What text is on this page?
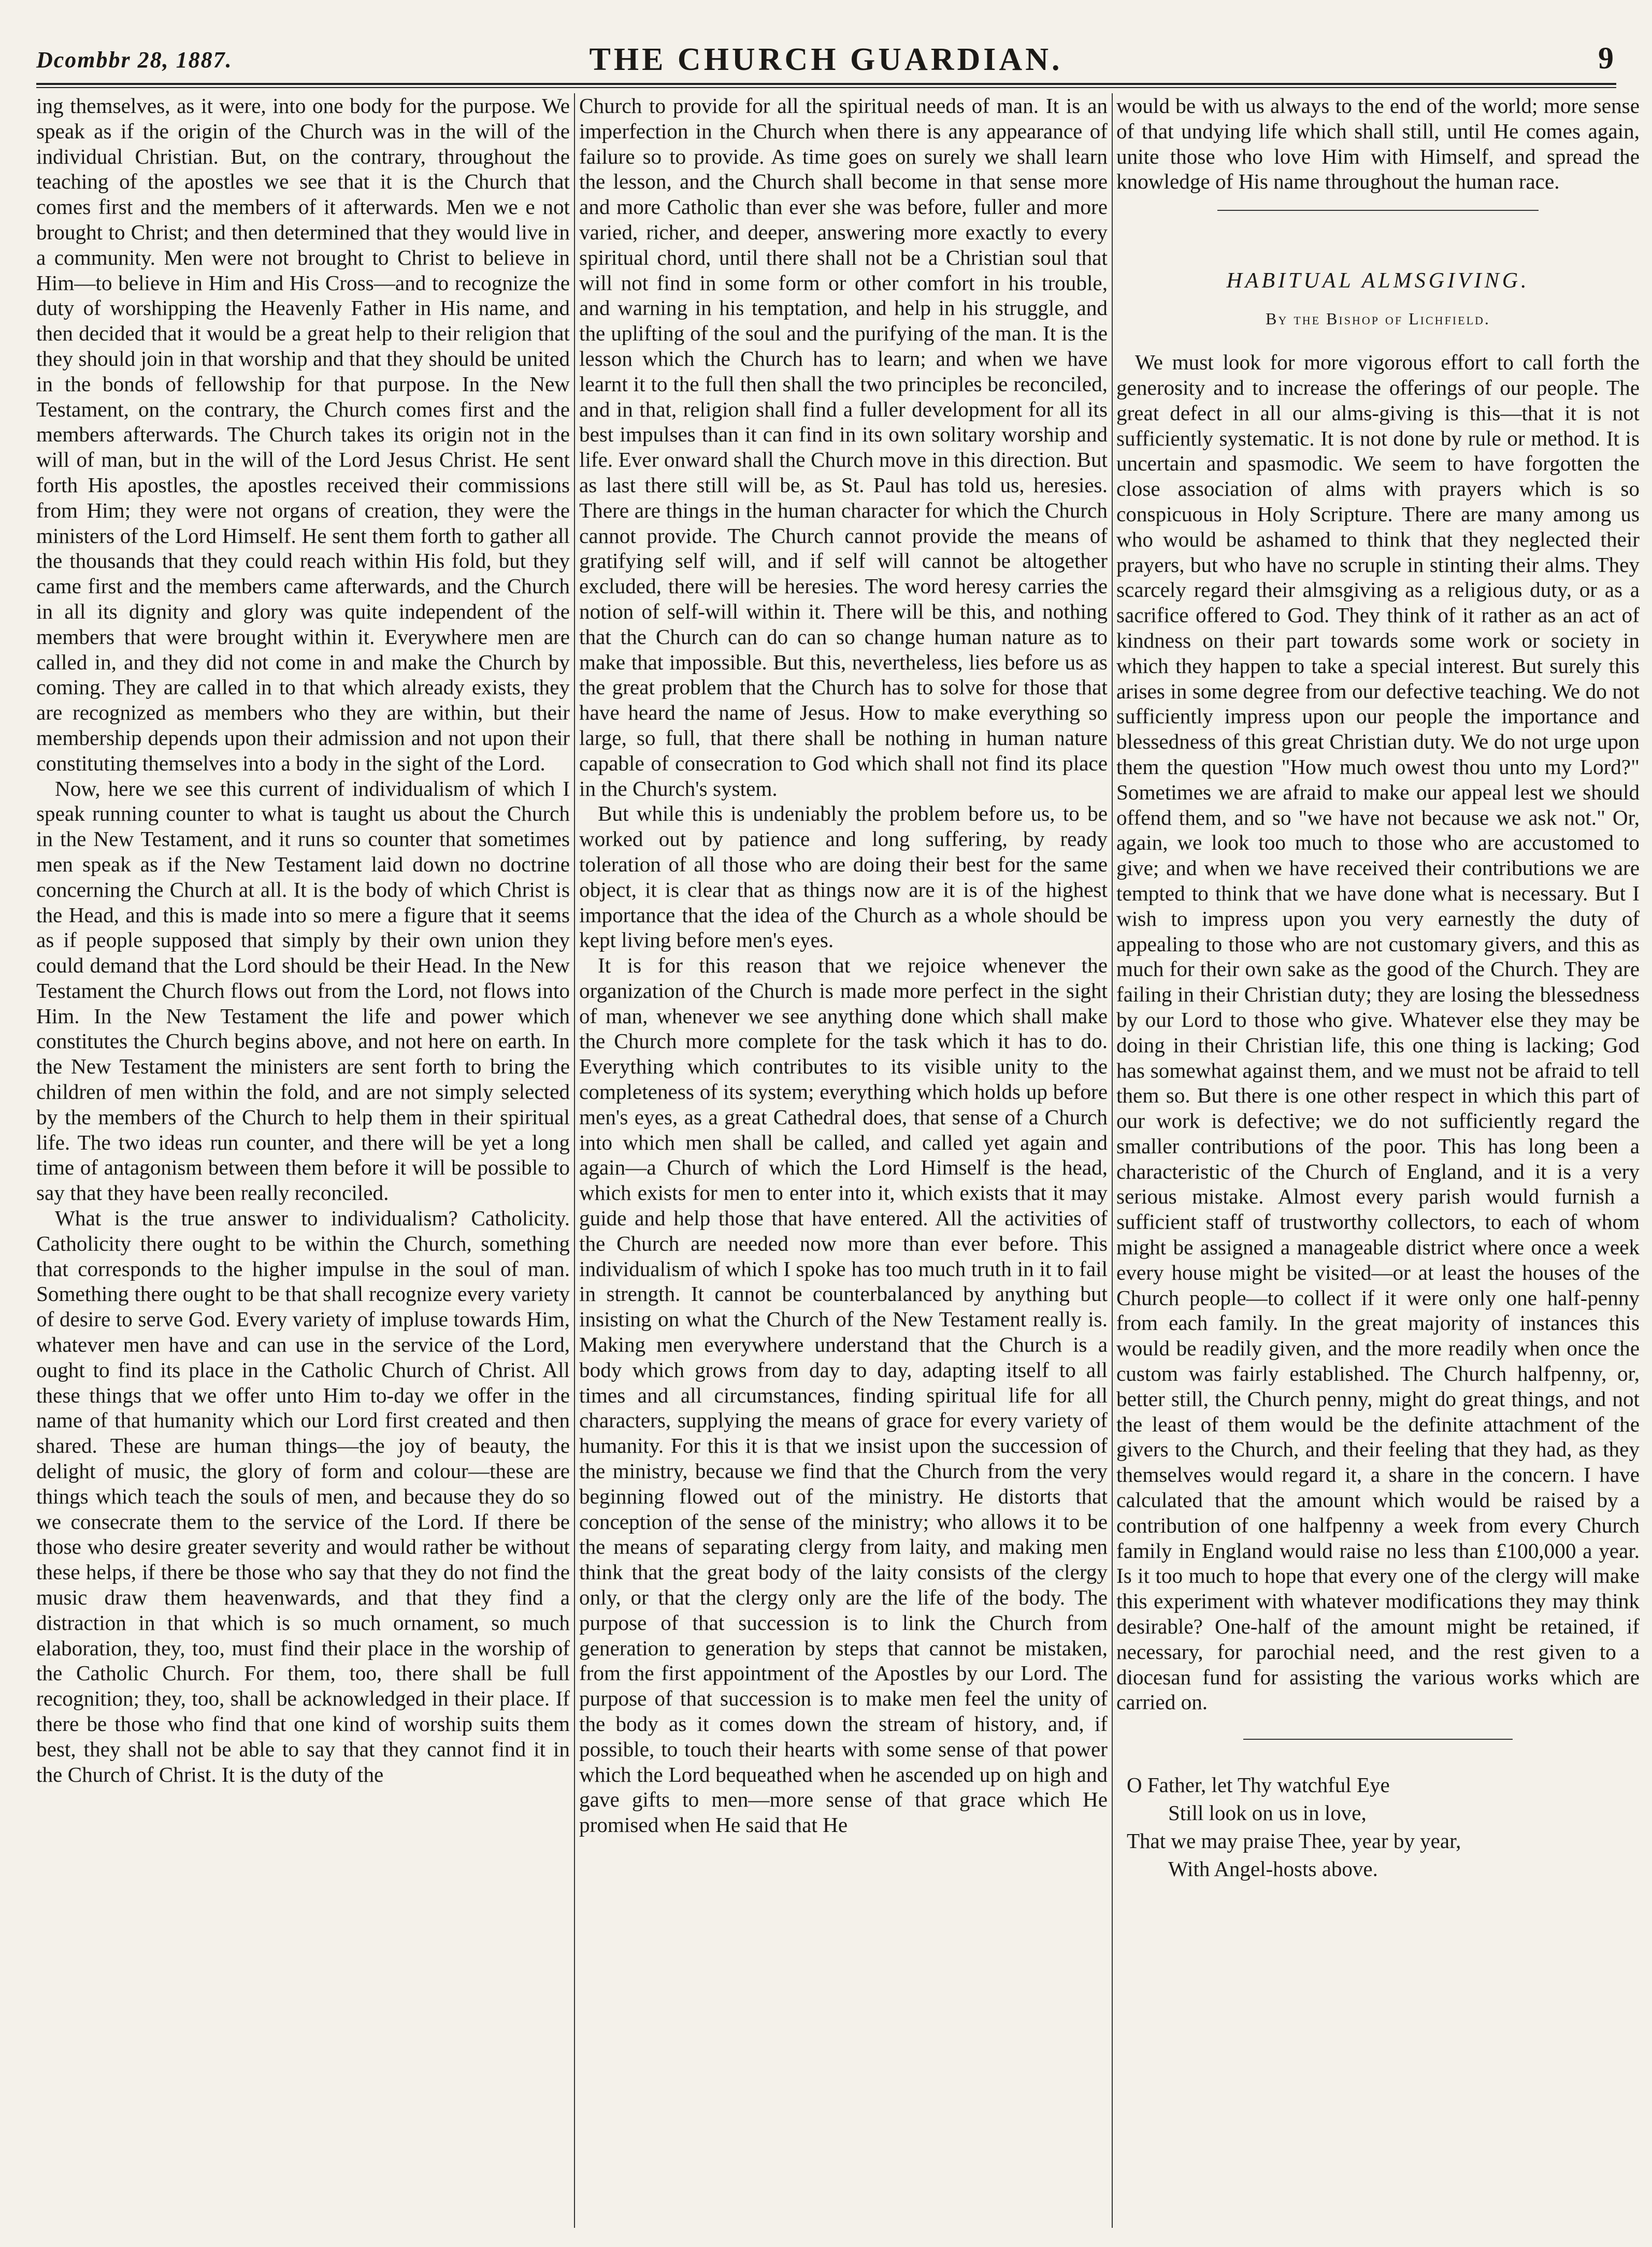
Dcombbr 28, 1887.	THE CHURCH GUARDIAN.	9

ing themselves, as it were, into one body for the purpose. We speak as if the origin of the Church was in the will of the individual Christian. But, on the contrary, throughout the teaching of the apostles we see that it is the Church that comes first and the members of it afterwards. Men we e not brought to Christ; and then determined that they would live in a community. Men were not brought to Christ to believe in Him—to believe in Him and His Cross—and to recognize the duty of worshipping the Heavenly Father in His name, and then decided that it would be a great help to their religion that they should join in that worship and that they should be united in the bonds of fellowship for that purpose. In the New Testament, on the contrary, the Church comes first and the members afterwards. The Church takes its origin not in the will of man, but in the will of the Lord Jesus Christ. He sent forth His apostles, the apostles received their commissions from Him; they were not organs of creation, they were the ministers of the Lord Himself. He sent them forth to gather all the thousands that they could reach within His fold, but they came first and the members came afterwards, and the Church in all its dignity and glory was quite independent of the members that were brought within it. Everywhere men are called in, and they did not come in and make the Church by coming. They are called in to that which already exists, they are recognized as members who they are within, but their membership depends upon their admission and not upon their constituting themselves into a body in the sight of the Lord.

Now, here we see this current of individualism of which I speak running counter to what is taught us about the Church in the New Testament, and it runs so counter that sometimes men speak as if the New Testament laid down no doctrine concerning the Church at all. It is the body of which Christ is the Head, and this is made into so mere a figure that it seems as if people supposed that simply by their own union they could demand that the Lord should be their Head. In the New Testament the Church flows out from the Lord, not flows into Him. In the New Testament the life and power which constitutes the Church begins above, and not here on earth. In the New Testament the ministers are sent forth to bring the children of men within the fold, and are not simply selected by the members of the Church to help them in their spiritual life. The two ideas run counter, and there will be yet a long time of antagonism between them before it will be possible to say that they have been really reconciled.

What is the true answer to individualism? Catholicity. Catholicity there ought to be within the Church, something that corresponds to the higher impulse in the soul of man. Something there ought to be that shall recognize every variety of desire to serve God. Every variety of impluse towards Him, whatever men have and can use in the service of the Lord, ought to find its place in the Catholic Church of Christ. All these things that we offer unto Him to-day we offer in the name of that humanity which our Lord first created and then shared. These are human things—the joy of beauty, the delight of music, the glory of form and colour—these are things which teach the souls of men, and because they do so we consecrate them to the service of the Lord. If there be those who desire greater severity and would rather be without these helps, if there be those who say that they do not find the music draw them heavenwards, and that they find a distraction in that which is so much ornament, so much elaboration, they, too, must find their place in the worship of the Catholic Church. For them, too, there shall be full recognition; they, too, shall be acknowledged in their place. If there be those who find that one kind of worship suits them best, they shall not be able to say that they cannot find it in the Church of Christ. It is the duty of the

Church to provide for all the spiritual needs of man. It is an imperfection in the Church when there is any appearance of failure so to provide. As time goes on surely we shall learn the lesson, and the Church shall become in that sense more and more Catholic than ever she was before, fuller and more varied, richer, and deeper, answering more exactly to every spiritual chord, until there shall not be a Christian soul that will not find in some form or other comfort in his trouble, and warning in his temptation, and help in his struggle, and the uplifting of the soul and the purifying of the man. It is the lesson which the Church has to learn; and when we have learnt it to the full then shall the two principles be reconciled, and in that, religion shall find a fuller development for all its best impulses than it can find in its own solitary worship and life. Ever onward shall the Church move in this direction. But as last there still will be, as St. Paul has told us, heresies. There are things in the human character for which the Church cannot provide. The Church cannot provide the means of gratifying self will, and if self will cannot be altogether excluded, there will be heresies. The word heresy carries the notion of self-will within it. There will be this, and nothing that the Church can do can so change human nature as to make that impossible. But this, nevertheless, lies before us as the great problem that the Church has to solve for those that have heard the name of Jesus. How to make everything so large, so full, that there shall be nothing in human nature capable of consecration to God which shall not find its place in the Church's system.

But while this is undeniably the problem before us, to be worked out by patience and long suffering, by ready toleration of all those who are doing their best for the same object, it is clear that as things now are it is of the highest importance that the idea of the Church as a whole should be kept living before men's eyes.

It is for this reason that we rejoice whenever the organization of the Church is made more perfect in the sight of man, whenever we see anything done which shall make the Church more complete for the task which it has to do. Everything which contributes to its visible unity to the completeness of its system; everything which holds up before men's eyes, as a great Cathedral does, that sense of a Church into which men shall be called, and called yet again and again—a Church of which the Lord Himself is the head, which exists for men to enter into it, which exists that it may guide and help those that have entered. All the activities of the Church are needed now more than ever before. This individualism of which I spoke has too much truth in it to fail in strength. It cannot be counterbalanced by anything but insisting on what the Church of the New Testament really is. Making men everywhere understand that the Church is a body which grows from day to day, adapting itself to all times and all circumstances, finding spiritual life for all characters, supplying the means of grace for every variety of humanity. For this it is that we insist upon the succession of the ministry, because we find that the Church from the very beginning flowed out of the ministry. He distorts that conception of the sense of the ministry; who allows it to be the means of separating clergy from laity, and making men think that the great body of the laity consists of the clergy only, or that the clergy only are the life of the body. The purpose of that succession is to link the Church from generation to generation by steps that cannot be mistaken, from the first appointment of the Apostles by our Lord. The purpose of that succession is to make men feel the unity of the body as it comes down the stream of history, and, if possible, to touch their hearts with some sense of that power which the Lord bequeathed when he ascended up on high and gave gifts to men—more sense of that grace which He promised when He said that He

would be with us always to the end of the world; more sense of that undying life which shall still, until He comes again, unite those who love Him with Himself, and spread the knowledge of His name throughout the human race.

HABITUAL ALMSGIVING.
By the Bishop of Lichfield.

We must look for more vigorous effort to call forth the generosity and to increase the offerings of our people. The great defect in all our alms-giving is this—that it is not sufficiently systematic. It is not done by rule or method. It is uncertain and spasmodic. We seem to have forgotten the close association of alms with prayers which is so conspicuous in Holy Scripture. There are many among us who would be ashamed to think that they neglected their prayers, but who have no scruple in stinting their alms. They scarcely regard their almsgiving as a religious duty, or as a sacrifice offered to God. They think of it rather as an act of kindness on their part towards some work or society in which they happen to take a special interest. But surely this arises in some degree from our defective teaching. We do not sufficiently impress upon our people the importance and blessedness of this great Christian duty. We do not urge upon them the question "How much owest thou unto my Lord?" Sometimes we are afraid to make our appeal lest we should offend them, and so "we have not because we ask not." Or, again, we look too much to those who are accustomed to give; and when we have received their contributions we are tempted to think that we have done what is necessary. But I wish to impress upon you very earnestly the duty of appealing to those who are not customary givers, and this as much for their own sake as the good of the Church. They are failing in their Christian duty; they are losing the blessedness by our Lord to those who give. Whatever else they may be doing in their Christian life, this one thing is lacking; God has somewhat against them, and we must not be afraid to tell them so. But there is one other respect in which this part of our work is defective; we do not sufficiently regard the smaller contributions of the poor. This has long been a characteristic of the Church of England, and it is a very serious mistake. Almost every parish would furnish a sufficient staff of trustworthy collectors, to each of whom might be assigned a manageable district where once a week every house might be visited—or at least the houses of the Church people—to collect if it were only one half-penny from each family. In the great majority of instances this would be readily given, and the more readily when once the custom was fairly established. The Church halfpenny, or, better still, the Church penny, might do great things, and not the least of them would be the definite attachment of the givers to the Church, and their feeling that they had, as they themselves would regard it, a share in the concern. I have calculated that the amount which would be raised by a contribution of one halfpenny a week from every Church family in England would raise no less than £100,000 a year. Is it too much to hope that every one of the clergy will make this experiment with whatever modifications they may think desirable? One-half of the amount might be retained, if necessary, for parochial need, and the rest given to a diocesan fund for assisting the various works which are carried on.

O Father, let Thy watchful Eye
Still look on us in love,
That we may praise Thee, year by year,
With Angel-hosts above.
